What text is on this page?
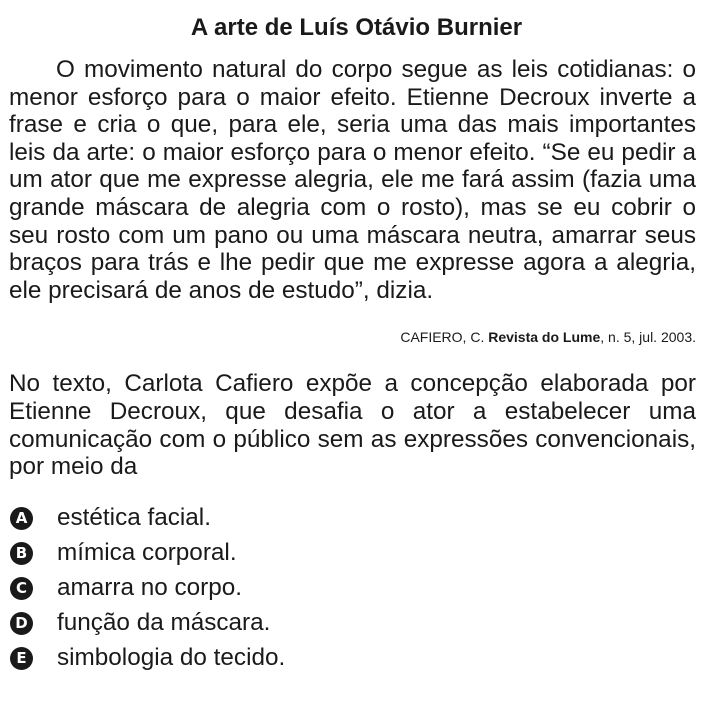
A arte de Luís Otávio Burnier

O movimento natural do corpo segue as leis cotidianas: o menor esforço para o maior efeito. Etienne Decroux inverte a frase e cria o que, para ele, seria uma das mais importantes leis da arte: o maior esforço para o menor efeito. “Se eu pedir a um ator que me expresse alegria, ele me fará assim (fazia uma grande máscara de alegria com o rosto), mas se eu cobrir o seu rosto com um pano ou uma máscara neutra, amarrar seus braços para trás e lhe pedir que me expresse agora a alegria, ele precisará de anos de estudo”, dizia.

CAFIERO, C. Revista do Lume, n. 5, jul. 2003.

No texto, Carlota Cafiero expõe a concepção elaborada por Etienne Decroux, que desafia o ator a estabelecer uma comunicação com o público sem as expressões convencionais, por meio da

A estética facial.
B mímica corporal.
C amarra no corpo.
D função da máscara.
E simbologia do tecido.
